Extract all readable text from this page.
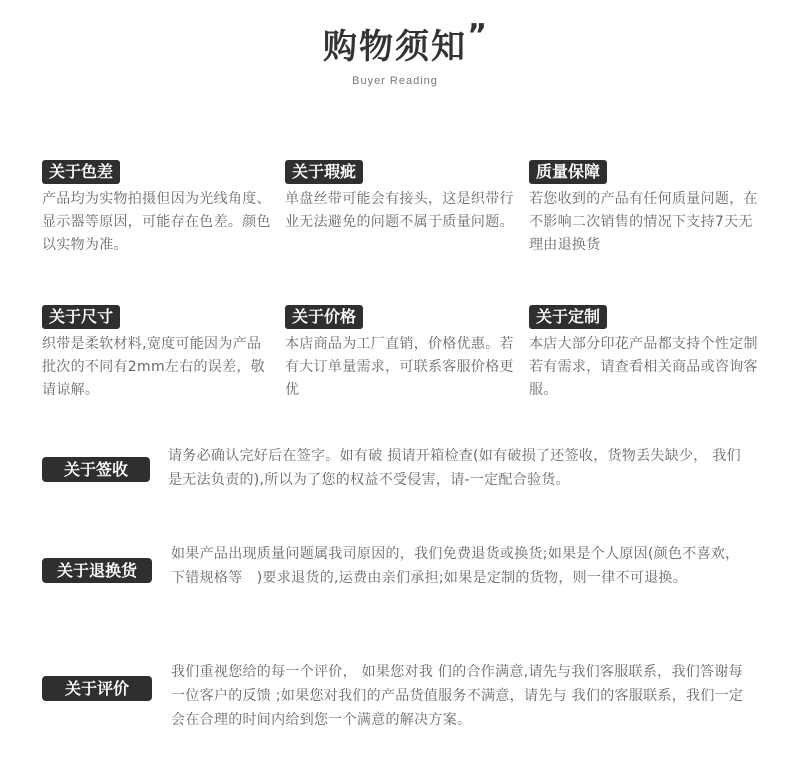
购物须知 ”
Buyer Reading
关于色差
产品均为实物拍摄但因为光线角度、显示器等原因，可能存在色差。颜色以实物为准。
关于瑕疵
单盘丝带可能会有接头，这是织带行业无法避免的问题不属于质量问题。
质量保障
若您收到的产品有任何质量问题，在不影响二次销售的情况下支持7天无理由退换货
关于尺寸
织带是柔软材料,宽度可能因为产品批次的不同有2mm左右的误差，敬请谅解。
关于价格
本店商品为工厂直销，价格优惠。若有大订单量需求，可联系客服价格更优
关于定制
本店大部分印花产品都支持个性定制若有需求，请查看相关商品或咨询客服。
关于签收
请务必确认完好后在签字。如有破 损请开箱检查(如有破损了还签收，货物丢失缺少， 我们是无法负责的),所以为了您的权益不受侵害，请-一定配合验货。
关于退换货
如果产品出现质量问题属我司原因的，我们免费退货或换货;如果是个人原因(颜色不喜欢，下错规格等　)要求退货的,运费由亲们承担;如果是定制的货物，则一律不可退换。
关于评价
我们重视您给的每一个评价， 如果您对我 们的合作满意,请先与我们客服联系，我们答谢每一位客户的反馈 ;如果您对我们的产品货值服务不满意，请先与 我们的客服联系，我们一定会在合理的时间内给到您一个满意的解决方案。
